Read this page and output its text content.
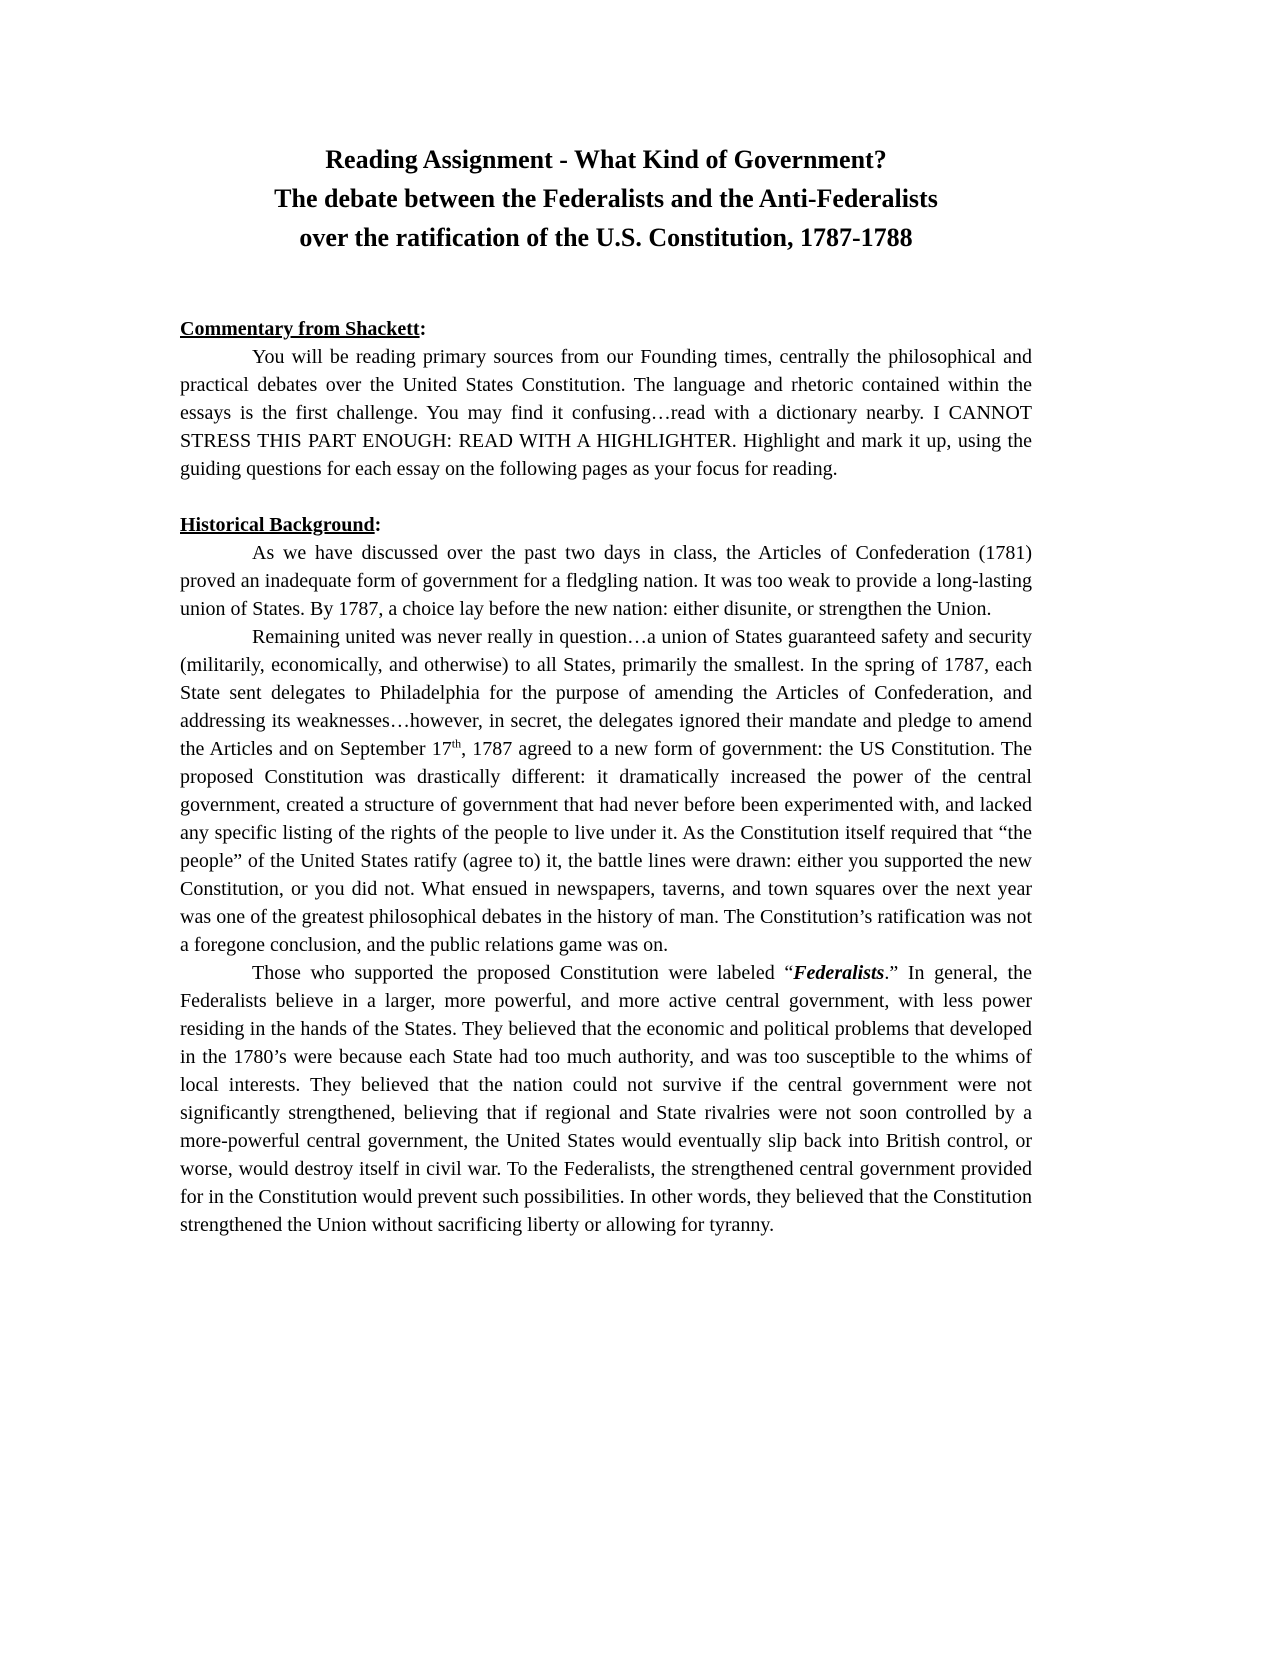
Reading Assignment - What Kind of Government?
The debate between the Federalists and the Anti-Federalists
over the ratification of the U.S. Constitution, 1787-1788

Commentary from Shackett:

You will be reading primary sources from our Founding times, centrally the philosophical and practical debates over the United States Constitution. The language and rhetoric contained within the essays is the first challenge. You may find it confusing…read with a dictionary nearby. I CANNOT STRESS THIS PART ENOUGH: READ WITH A HIGHLIGHTER. Highlight and mark it up, using the guiding questions for each essay on the following pages as your focus for reading.

Historical Background:

As we have discussed over the past two days in class, the Articles of Confederation (1781) proved an inadequate form of government for a fledgling nation. It was too weak to provide a long-lasting union of States. By 1787, a choice lay before the new nation: either disunite, or strengthen the Union.

Remaining united was never really in question…a union of States guaranteed safety and security (militarily, economically, and otherwise) to all States, primarily the smallest. In the spring of 1787, each State sent delegates to Philadelphia for the purpose of amending the Articles of Confederation, and addressing its weaknesses…however, in secret, the delegates ignored their mandate and pledge to amend the Articles and on September 17th, 1787 agreed to a new form of government: the US Constitution. The proposed Constitution was drastically different: it dramatically increased the power of the central government, created a structure of government that had never before been experimented with, and lacked any specific listing of the rights of the people to live under it. As the Constitution itself required that “the people” of the United States ratify (agree to) it, the battle lines were drawn: either you supported the new Constitution, or you did not. What ensued in newspapers, taverns, and town squares over the next year was one of the greatest philosophical debates in the history of man. The Constitution’s ratification was not a foregone conclusion, and the public relations game was on.

Those who supported the proposed Constitution were labeled “Federalists.” In general, the Federalists believe in a larger, more powerful, and more active central government, with less power residing in the hands of the States. They believed that the economic and political problems that developed in the 1780’s were because each State had too much authority, and was too susceptible to the whims of local interests. They believed that the nation could not survive if the central government were not significantly strengthened, believing that if regional and State rivalries were not soon controlled by a more-powerful central government, the United States would eventually slip back into British control, or worse, would destroy itself in civil war. To the Federalists, the strengthened central government provided for in the Constitution would prevent such possibilities. In other words, they believed that the Constitution strengthened the Union without sacrificing liberty or allowing for tyranny.
